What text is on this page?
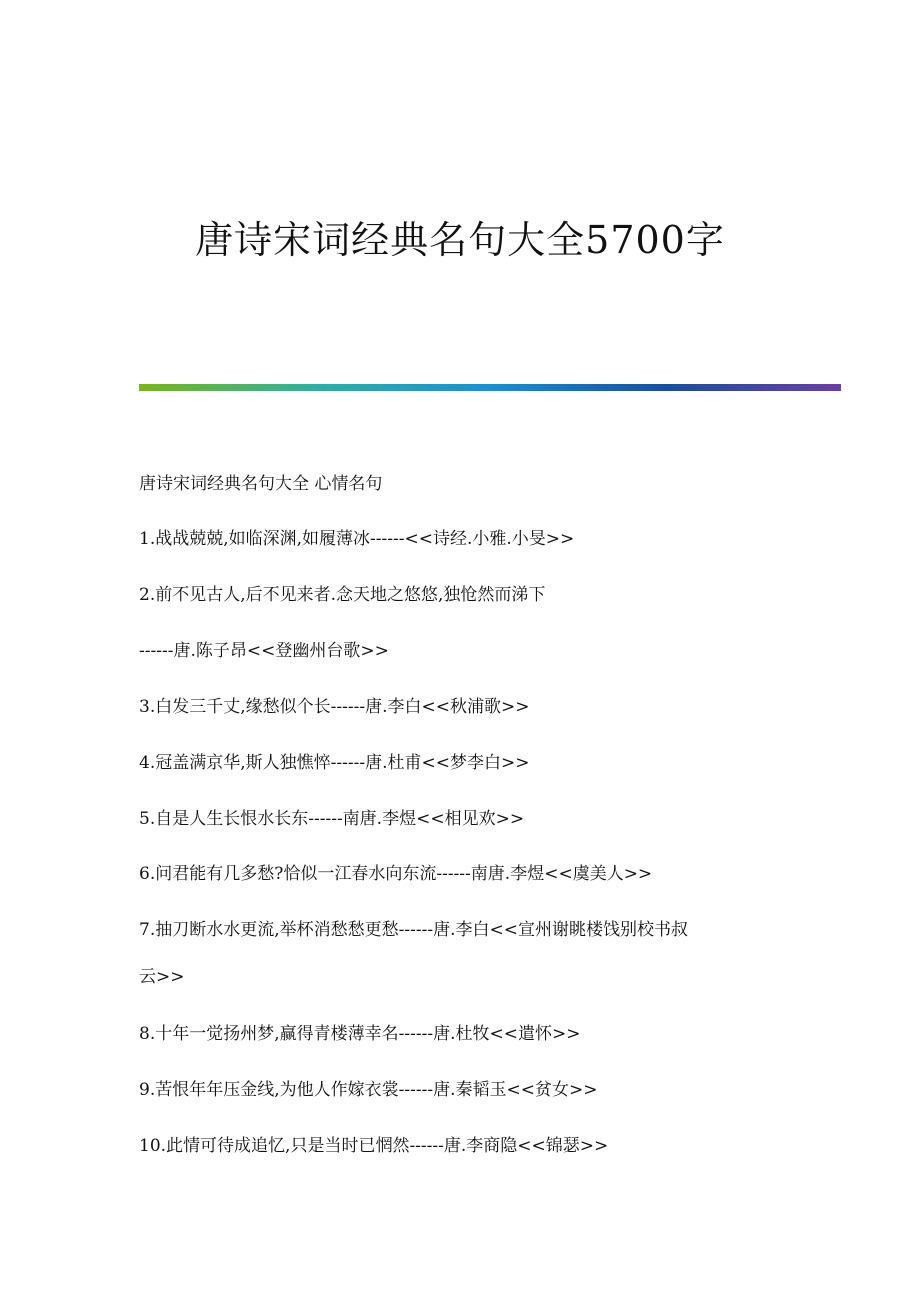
唐诗宋词经典名句大全5700字
唐诗宋词经典名句大全 心情名句
1.战战兢兢,如临深渊,如履薄冰------<<诗经.小雅.小旻>>
2.前不见古人,后不见来者.念天地之悠悠,独怆然而涕下
------唐.陈子昂<<登幽州台歌>>
3.白发三千丈,缘愁似个长------唐.李白<<秋浦歌>>
4.冠盖满京华,斯人独憔悴------唐.杜甫<<梦李白>>
5.自是人生长恨水长东------南唐.李煜<<相见欢>>
6.问君能有几多愁?恰似一江春水向东流------南唐.李煜<<虞美人>>
7.抽刀断水水更流,举杯消愁愁更愁------唐.李白<<宣州谢眺楼饯别校书叔
云>>
8.十年一觉扬州梦,赢得青楼薄幸名------唐.杜牧<<遣怀>>
9.苦恨年年压金线,为他人作嫁衣裳------唐.秦韬玉<<贫女>>
10.此情可待成追忆,只是当时已惘然------唐.李商隐<<锦瑟>>
